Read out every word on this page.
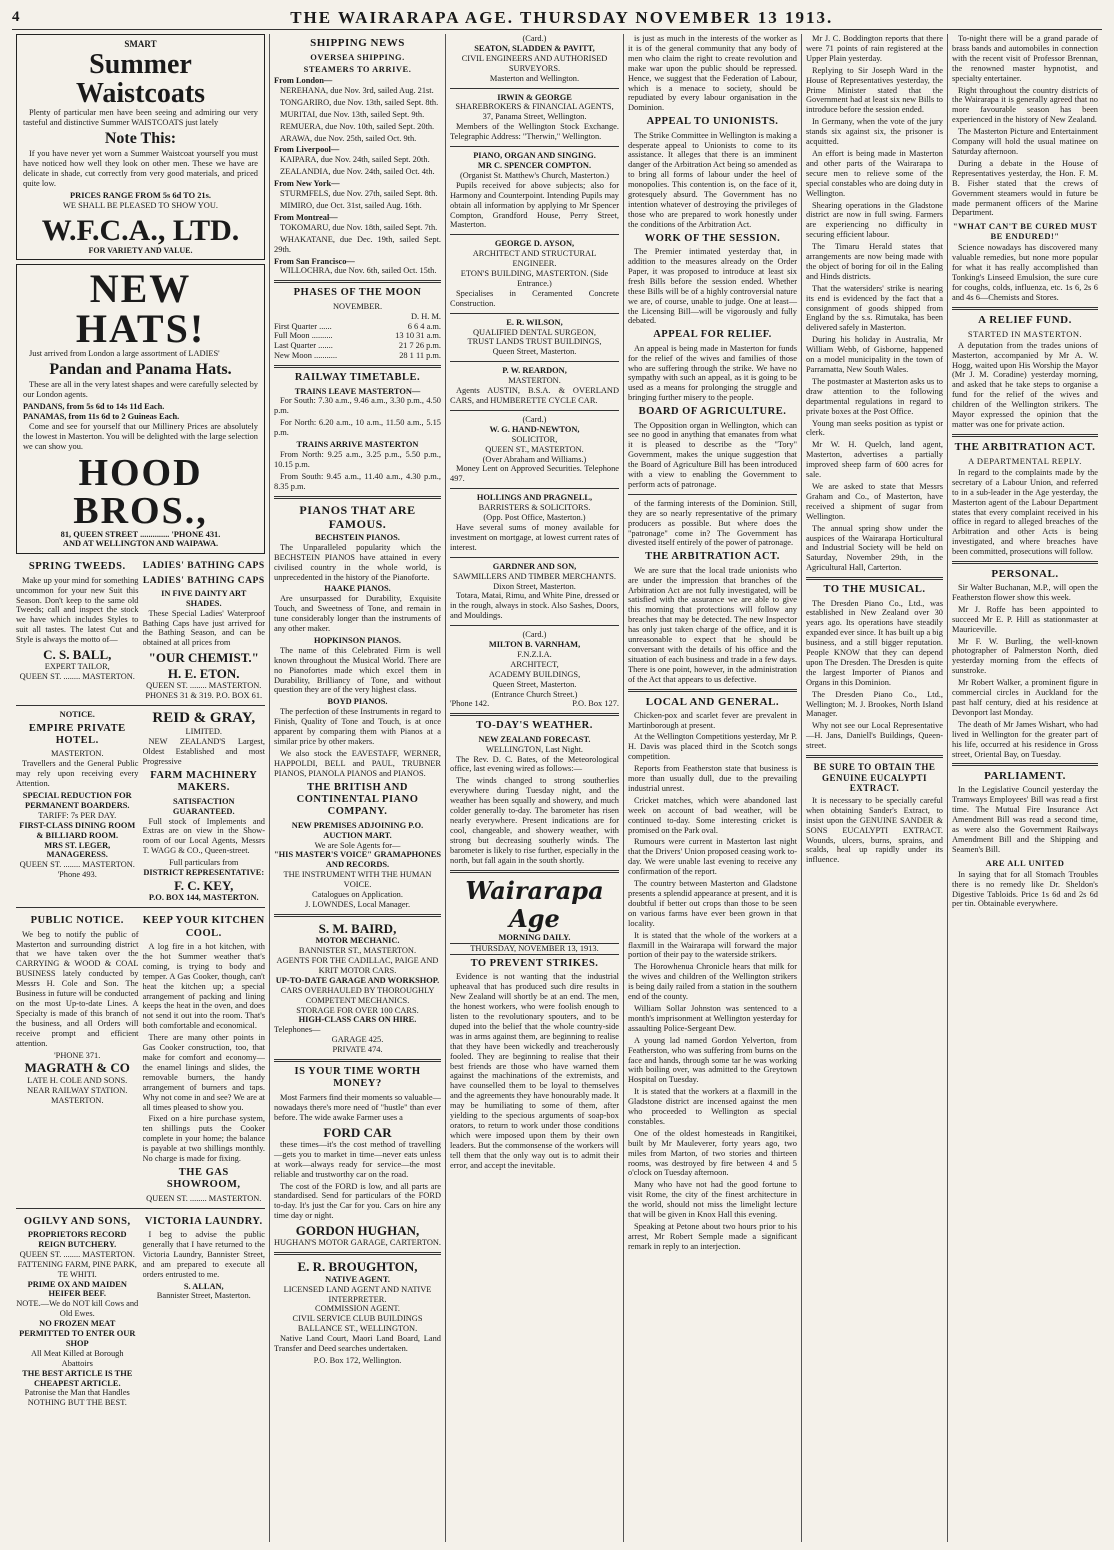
4	THE WAIRARAPA AGE. THURSDAY NOVEMBER 13 1913.
SMART
Summer Waistcoats

Plenty of particular men have been seeing and admiring our very tasteful and distinctive Summer WAISTCOATS just lately

Note This:

If you have never yet worn a Summer Waistcoat yourself you must have noticed how well they look on other men. These we have are delicate in shade, cut correctly from very good materials, and priced quite low.

PRICES RANGE FROM 5s 6d TO 21s.
WE SHALL BE PLEASED TO SHOW YOU.
W.F.C.A., LTD.
FOR VARIETY AND VALUE.
NEW HATS!

Just arrived from London a large assortment of LADIES'

Pandan and Panama Hats.

These are all in the very latest shapes and were carefully selected by our London agents.

PANDANS, from 5s 6d to 14s 11d Each.
PANAMAS, from 11s 6d to 2 Guineas Each.

Come and see for yourself that our Millinery Prices are absolutely the lowest in Masterton. You will be delighted with the large selection we can show you.

HOOD BROS.,
81, QUEEN STREET .............. 'PHONE 431.
AND AT WELLINGTON AND WAIPAWA.
SPRING TWEEDS.

Make up your mind for something uncommon for your new Suit this Season. Don't keep to the same old Tweeds; call and inspect the stock we have which includes Styles to suit all tastes. The latest Cut and Style is always the motto of—

C. S. BALL,
EXPERT TAILOR,
QUEEN ST. ........ MASTERTON.
LADIES' BATHING CAPS
LADIES' BATHING CAPS
IN FIVE DAINTY ART SHADES.

These Special Ladies' Waterproof Bathing Caps have just arrived for the Bathing Season, and can be obtained at all prices from

"OUR CHEMIST."
H. E. ETON.
QUEEN ST. ........ MASTERTON.
PHONES 31 & 319. P.O. BOX 61.
NOTICE.
EMPIRE PRIVATE HOTEL.
MASTERTON.

Travellers and the General Public may rely upon receiving every Attention.

SPECIAL REDUCTION FOR PERMANENT BOARDERS.
TARIFF: 7s PER DAY.
FIRST-CLASS DINING ROOM & BILLIARD ROOM.
MRS ST. LEGER, MANAGERESS.
QUEEN ST. ........ MASTERTON.
'Phone 493.
REID & GRAY,
LIMITED.

NEW ZEALAND'S Largest, Oldest Established and most Progressive

FARM MACHINERY MAKERS.
SATISFACTION GUARANTEED.

Full stock of Implements and Extras are on view in the Show-room of our Local Agents, Messrs T. WAGG & CO., Queen-street.

Full particulars from
DISTRICT REPRESENTATIVE:
F. C. KEY,
P.O. BOX 144, MASTERTON.
PUBLIC NOTICE.

We beg to notify the public of Masterton and surrounding district that we have taken over the CARRYING & WOOD & COAL BUSINESS lately conducted by Messrs H. Cole and Son. The Business in future will be conducted on the most Up-to-date Lines. A Specialty is made of this branch of the business, and all Orders will receive prompt and efficient attention.

'PHONE 371.
MAGRATH & CO
LATE H. COLE AND SONS.
NEAR RAILWAY STATION.
MASTERTON.
KEEP YOUR KITCHEN COOL.

A log fire in a hot kitchen, with the hot Summer weather that's coming, is trying to body and temper. A Gas Cooker, though, can't heat the kitchen up; a special arrangement of packing and lining keeps the heat in the oven, and does not send it out into the room. That's both comfortable and economical.

There are many other points in Gas Cooker construction, too, that make for comfort and economy—the enamel linings and slides, the removable burners, the handy arrangement of burners and taps. Why not come in and see? We are at all times pleased to show you.

Fixed on a hire purchase system, ten shillings puts the Cooker complete in your home; the balance is payable at two shillings monthly. No charge is made for fixing.

THE GAS SHOWROOM,
QUEEN ST. ........ MASTERTON.
OGILVY AND SONS,
PROPRIETORS RECORD REIGN BUTCHERY.
QUEEN ST. ........ MASTERTON.
FATTENING FARM, PINE PARK, TE WHITI.
PRIME OX AND MAIDEN HEIFER BEEF.
NOTE.—We do NOT kill Cows and Old Ewes.
NO FROZEN MEAT PERMITTED TO ENTER OUR SHOP
All Meat Killed at Borough Abattoirs
THE BEST ARTICLE IS THE CHEAPEST ARTICLE.
Patronise the Man that Handles NOTHING BUT THE BEST.
VICTORIA LAUNDRY.

I beg to advise the public generally that I have returned to the Victoria Laundry, Bannister Street, and am prepared to execute all orders entrusted to me.

S. ALLAN,
Bannister Street, Masterton.
SHIPPING NEWS
OVERSEA SHIPPING.
STEAMERS TO ARRIVE.
From London—

NEREHANA, due Nov. 3rd, sailed Aug. 21st.

TONGARIRO, due Nov. 13th, sailed Sept. 8th.

MURITAI, due Nov. 13th, sailed Sept. 9th.

REMUERA, due Nov. 10th, sailed Sept. 20th.

ARAWA, due Nov. 25th, sailed Oct. 9th.

From Liverpool—

KAIPARA, due Nov. 24th, sailed Sept. 20th.

ZEALANDIA, due Nov. 24th, sailed Oct. 4th.

From New York—

STURMFELS, due Nov. 27th, sailed Sept. 8th.

MIMIRO, due Oct. 31st, sailed Aug. 16th.

From Montreal—

TOKOMARU, due Nov. 18th, sailed Sept. 7th.

WHAKATANE, due Dec. 19th, sailed Sept. 29th.

From San Francisco—

WILLOCHRA, due Nov. 6th, sailed Oct. 15th.

PHASES OF THE MOON
NOVEMBER.
D. H. M.
First Quarter ......	6 6 4 a.m.
Full Moon ..........	13 10 31 a.m.
Last Quarter .......	21 7 26 p.m.
New Moon ...........	28 1 11 p.m.
RAILWAY TIMETABLE.
TRAINS LEAVE MASTERTON—

For South: 7.30 a.m., 9.46 a.m., 3.30 p.m., 4.50 p.m.

For North: 6.20 a.m., 10 a.m., 11.50 a.m., 5.15 p.m.

TRAINS ARRIVE MASTERTON

From North: 9.25 a.m., 3.25 p.m., 5.50 p.m., 10.15 p.m.

From South: 9.45 a.m., 11.40 a.m., 4.30 p.m., 8.35 p.m.

PIANOS THAT ARE FAMOUS.
BECHSTEIN PIANOS.

The Unparalleled popularity which the BECHSTEIN PIANOS have attained in every civilised country in the whole world, is unprecedented in the history of the Pianoforte.

HAAKE PIANOS.

Are unsurpassed for Durability, Exquisite Touch, and Sweetness of Tone, and remain in tune considerably longer than the instruments of any other maker.

HOPKINSON PIANOS.

The name of this Celebrated Firm is well known throughout the Musical World. There are no Pianofortes made which excel them in Durability, Brilliancy of Tone, and without question they are of the very highest class.

BOYD PIANOS.

The perfection of these Instruments in regard to Finish, Quality of Tone and Touch, is at once apparent by comparing them with Pianos at a similar price by other makers.

We also stock the EAVESTAFF, WERNER, HAPPOLDI, BELL and PAUL, TRUBNER PIANOS, PIANOLA PIANOS and PIANOS.

THE BRITISH AND CONTINENTAL PIANO COMPANY.
NEW PREMISES ADJOINING P.O. AUCTION MART.
We are Sole Agents for—
"HIS MASTER'S VOICE" GRAMAPHONES AND RECORDS.
THE INSTRUMENT WITH THE HUMAN VOICE.
Catalogues on Application.
J. LOWNDES, Local Manager.
S. M. BAIRD,
MOTOR MECHANIC.
BANNISTER ST., MASTERTON.
AGENTS FOR THE CADILLAC, PAIGE AND KRIT MOTOR CARS.
UP-TO-DATE GARAGE AND WORKSHOP.
CARS OVERHAULED BY THOROUGHLY COMPETENT MECHANICS.
STORAGE FOR OVER 100 CARS.
HIGH-CLASS CARS ON HIRE.
Telephones—
GARAGE 425.
PRIVATE 474.
IS YOUR TIME WORTH MONEY?

Most Farmers find their moments so valuable—nowadays there's more need of "hustle" than ever before. The wide awake Farmer uses a

FORD CAR

these times—it's the cost method of travelling—gets you to market in time—never eats unless at work—always ready for service—the most reliable and trustworthy car on the road.

The cost of the FORD is low, and all parts are standardised. Send for particulars of the FORD to-day. It's just the Car for you. Cars on hire any time day or night.

GORDON HUGHAN,
HUGHAN'S MOTOR GARAGE, CARTERTON.
E. R. BROUGHTON,
NATIVE AGENT.
LICENSED LAND AGENT AND NATIVE INTERPRETER.
COMMISSION AGENT.
CIVIL SERVICE CLUB BUILDINGS
BALLANCE ST., WELLINGTON.

Native Land Court, Maori Land Board, Land Transfer and Deed searches undertaken.

P.O. Box 172, Wellington.
(Card.)
SEATON, SLADDEN & PAVITT,
CIVIL ENGINEERS AND AUTHORISED SURVEYORS.
Masterton and Wellington.
IRWIN & GEORGE
SHAREBROKERS & FINANCIAL AGENTS,
37, Panama Street, Wellington.

Members of the Wellington Stock Exchange. Telegraphic Address: "Therwin," Wellington.

PIANO, ORGAN AND SINGING.
MR C. SPENCER COMPTON.
(Organist St. Matthew's Church, Masterton.)

Pupils received for above subjects; also for Harmony and Counterpoint. Intending Pupils may obtain all information by applying to Mr Spencer Compton, Grandford House, Perry Street, Masterton.

GEORGE D. AYSON,
ARCHITECT AND STRUCTURAL ENGINEER.
ETON'S BUILDING, MASTERTON. (Side Entrance.)

Specialises in Ceramented Concrete Construction.

E. R. WILSON,
QUALIFIED DENTAL SURGEON,
TRUST LANDS TRUST BUILDINGS,
Queen Street, Masterton.
P. W. REARDON,
MASTERTON.

Agents AUSTIN, B.S.A. & OVERLAND CARS, and HUMBERETTE CYCLE CAR.

(Card.)
W. G. HAND-NEWTON,
SOLICITOR,
QUEEN ST., MASTERTON.
(Over Abraham and Williams.)

Money Lent on Approved Securities. Telephone 497.

HOLLINGS AND PRAGNELL,
BARRISTERS & SOLICITORS.
(Opp. Post Office, Masterton.)

Have several sums of money available for investment on mortgage, at lowest current rates of interest.

GARDNER AND SON,
SAWMILLERS AND TIMBER MERCHANTS.
Dixon Street, Masterton.

Totara, Matai, Rimu, and White Pine, dressed or in the rough, always in stock. Also Sashes, Doors, and Mouldings.

(Card.)
MILTON B. VARNHAM,
F.N.Z.I.A.
ARCHITECT,
ACADEMY BUILDINGS,
Queen Street, Masterton.
(Entrance Church Street.)
'Phone 142.	P.O. Box 127.
TO-DAY'S WEATHER.
NEW ZEALAND FORECAST.
WELLINGTON, Last Night.

The Rev. D. C. Bates, of the Meteorological office, last evening wired as follows:—

The winds changed to strong southerlies everywhere during Tuesday night, and the weather has been squally and showery, and much colder generally to-day. The barometer has risen nearly everywhere. Present indications are for cool, changeable, and showery weather, with strong but decreasing southerly winds. The barometer is likely to rise further, especially in the north, but fall again in the south shortly.

Wairarapa Age
MORNING DAILY.
THURSDAY, NOVEMBER 13, 1913.
TO PREVENT STRIKES.

Evidence is not wanting that the industrial upheaval that has produced such dire results in New Zealand will shortly be at an end. The men, the honest workers, who were foolish enough to listen to the revolutionary spouters, and to be duped into the belief that the whole country-side was in arms against them, are beginning to realise that they have been wickedly and treacherously fooled. They are beginning to realise that their best friends are those who have warned them against the machinations of the extremists, and have counselled them to be loyal to themselves and the agreements they have honourably made. It may be humiliating to some of them, after yielding to the specious arguments of soap-box orators, to return to work under those conditions which were imposed upon them by their own leaders. But the commonsense of the workers will tell them that the only way out is to admit their error, and accept the inevitable.

is just as much in the interests of the worker as it is of the general community that any body of men who claim the right to create revolution and make war upon the public should be repressed. Hence, we suggest that the Federation of Labour, which is a menace to society, should be repudiated by every labour organisation in the Dominion.

APPEAL TO UNIONISTS.

The Strike Committee in Wellington is making a desperate appeal to Unionists to come to its assistance. It alleges that there is an imminent danger of the Arbitration Act being so amended as to bring all forms of labour under the heel of monopolies. This contention is, on the face of it, grotesquely absurd. The Government has no intention whatever of destroying the privileges of those who are prepared to work honestly under the conditions of the Arbitration Act.

WORK OF THE SESSION.

The Premier intimated yesterday that, in addition to the measures already on the Order Paper, it was proposed to introduce at least six fresh Bills before the session ended. Whether these Bills will be of a highly controversial nature we are, of course, unable to judge. One at least—the Licensing Bill—will be vigorously and fully debated.

APPEAL FOR RELIEF.

An appeal is being made in Masterton for funds for the relief of the wives and families of those who are suffering through the strike. We have no sympathy with such an appeal, as it is going to be used as a means for prolonging the struggle and bringing further misery to the people.

BOARD OF AGRICULTURE.

The Opposition organ in Wellington, which can see no good in anything that emanates from what it is pleased to describe as the "Tory" Government, makes the unique suggestion that the Board of Agriculture Bill has been introduced with a view to enabling the Government to perform acts of patronage.

of the farming interests of the Dominion. Still, they are so nearly representative of the primary producers as possible. But where does the "patronage" come in? The Government has divested itself entirely of the power of patronage.

THE ARBITRATION ACT.

We are sure that the local trade unionists who are under the impression that branches of the Arbitration Act are not fully investigated, will be satisfied with the assurance we are able to give this morning that protections will follow any breaches that may be detected. The new Inspector has only just taken charge of the office, and it is unreasonable to expect that he should be conversant with the details of his office and the situation of each business and trade in a few days. There is one point, however, in the administration of the Act that appears to us defective.

LOCAL AND GENERAL.

Chicken-pox and scarlet fever are prevalent in Martinborough at present.

At the Wellington Competitions yesterday, Mr P. H. Davis was placed third in the Scotch songs competition.

Reports from Featherston state that business is more than usually dull, due to the prevailing industrial unrest.

Cricket matches, which were abandoned last week on account of bad weather, will be continued to-day. Some interesting cricket is promised on the Park oval.

Rumours were current in Masterton last night that the Drivers' Union proposed ceasing work to-day. We were unable last evening to receive any confirmation of the report.

The country between Masterton and Gladstone presents a splendid appearance at present, and it is doubtful if better out crops than those to be seen on various farms have ever been grown in that locality.

It is stated that the whole of the workers at a flaxmill in the Wairarapa will forward the major portion of their pay to the waterside strikers.

The Horowhenua Chronicle hears that milk for the wives and children of the Wellington strikers is being daily railed from a station in the southern end of the county.

William Sollar Johnston was sentenced to a month's imprisonment at Wellington yesterday for assaulting Police-Sergeant Dew.

A young lad named Gordon Yelverton, from Featherston, who was suffering from burns on the face and hands, through some tar he was working with boiling over, was admitted to the Greytown Hospital on Tuesday.

It is stated that the workers at a flaxmill in the Gladstone district are incensed against the men who proceeded to Wellington as special constables.

One of the oldest homesteads in Rangitikei, built by Mr Mauleverer, forty years ago, two miles from Marton, of two stories and thirteen rooms, was destroyed by fire between 4 and 5 o'clock on Tuesday afternoon.

Many who have not had the good fortune to visit Rome, the city of the finest architecture in the world, should not miss the limelight lecture that will be given in Knox Hall this evening.

Speaking at Petone about two hours prior to his arrest, Mr Robert Semple made a significant remark in reply to an interjection.

Mr J. C. Boddington reports that there were 71 points of rain registered at the Upper Plain yesterday.

Replying to Sir Joseph Ward in the House of Representatives yesterday, the Prime Minister stated that the Government had at least six new Bills to introduce before the session ended.

In Germany, when the vote of the jury stands six against six, the prisoner is acquitted.

An effort is being made in Masterton and other parts of the Wairarapa to secure men to relieve some of the special constables who are doing duty in Wellington.

Shearing operations in the Gladstone district are now in full swing. Farmers are experiencing no difficulty in securing efficient labour.

The Timaru Herald states that arrangements are now being made with the object of boring for oil in the Ealing and Hinds districts.

That the watersiders' strike is nearing its end is evidenced by the fact that a consignment of goods shipped from England by the s.s. Rimutaka, has been delivered safely in Masterton.

During his holiday in Australia, Mr William Webb, of Gisborne, happened on a model municipality in the town of Parramatta, New South Wales.

The postmaster at Masterton asks us to draw attention to the following departmental regulations in regard to private boxes at the Post Office.

Young man seeks position as typist or clerk.

Mr W. H. Quelch, land agent, Masterton, advertises a partially improved sheep farm of 600 acres for sale.

We are asked to state that Messrs Graham and Co., of Masterton, have received a shipment of sugar from Wellington.

The annual spring show under the auspices of the Wairarapa Horticultural and Industrial Society will be held on Saturday, November 29th, in the Agricultural Hall, Carterton.

TO THE MUSICAL.

The Dresden Piano Co., Ltd., was established in New Zealand over 30 years ago. Its operations have steadily expanded ever since. It has built up a big business, and a still bigger reputation. People KNOW that they can depend upon The Dresden. The Dresden is quite the largest Importer of Pianos and Organs in this Dominion.

The Dresden Piano Co., Ltd., Wellington; M. J. Brookes, North Island Manager.

Why not see our Local Representative—H. Jans, Daniell's Buildings, Queen-street.

BE SURE TO OBTAIN THE GENUINE EUCALYPTI EXTRACT.

It is necessary to be specially careful when obtaining Sander's Extract, to insist upon the GENUINE SANDER & SONS EUCALYPTI EXTRACT. Wounds, ulcers, burns, sprains, and scalds, heal up rapidly under its influence.

To-night there will be a grand parade of brass bands and automobiles in connection with the recent visit of Professor Brennan, the renowned master hypnotist, and specialty entertainer.

Right throughout the country districts of the Wairarapa it is generally agreed that no more favourable season has been experienced in the history of New Zealand.

The Masterton Picture and Entertainment Company will hold the usual matinee on Saturday afternoon.

During a debate in the House of Representatives yesterday, the Hon. F. M. B. Fisher stated that the crews of Government steamers would in future be made permanent officers of the Marine Department.

"WHAT CAN'T BE CURED MUST BE ENDURED!"

Science nowadays has discovered many valuable remedies, but none more popular for what it has really accomplished than Tonking's Linseed Emulsion, the sure cure for coughs, colds, influenza, etc. 1s 6, 2s 6 and 4s 6—Chemists and Stores.

A RELIEF FUND.
STARTED IN MASTERTON.

A deputation from the trades unions of Masterton, accompanied by Mr A. W. Hogg, waited upon His Worship the Mayor (Mr J. M. Coradine) yesterday morning, and asked that he take steps to organise a fund for the relief of the wives and children of the Wellington strikers. The Mayor expressed the opinion that the matter was one for private action.

THE ARBITRATION ACT.
A DEPARTMENTAL REPLY.

In regard to the complaints made by the secretary of a Labour Union, and referred to in a sub-leader in the Age yesterday, the Masterton agent of the Labour Department states that every complaint received in his office in regard to alleged breaches of the Arbitration and other Acts is being investigated, and where breaches have been committed, prosecutions will follow.

PERSONAL.

Sir Walter Buchanan, M.P., will open the Featherston flower show this week.

Mr J. Roffe has been appointed to succeed Mr E. P. Hill as stationmaster at Mauriceville.

Mr F. W. Burling, the well-known photographer of Palmerston North, died yesterday morning from the effects of sunstroke.

Mr Robert Walker, a prominent figure in commercial circles in Auckland for the past half century, died at his residence at Devonport last Monday.

The death of Mr James Wishart, who had lived in Wellington for the greater part of his life, occurred at his residence in Gross street, Oriental Bay, on Tuesday.

PARLIAMENT.

In the Legislative Council yesterday the Tramways Employees' Bill was read a first time. The Mutual Fire Insurance Act Amendment Bill was read a second time, as were also the Government Railways Amendment Bill and the Shipping and Seamen's Bill.

ARE ALL UNITED

In saying that for all Stomach Troubles there is no remedy like Dr. Sheldon's Digestive Tabloids. Price 1s 6d and 2s 6d per tin. Obtainable everywhere.
